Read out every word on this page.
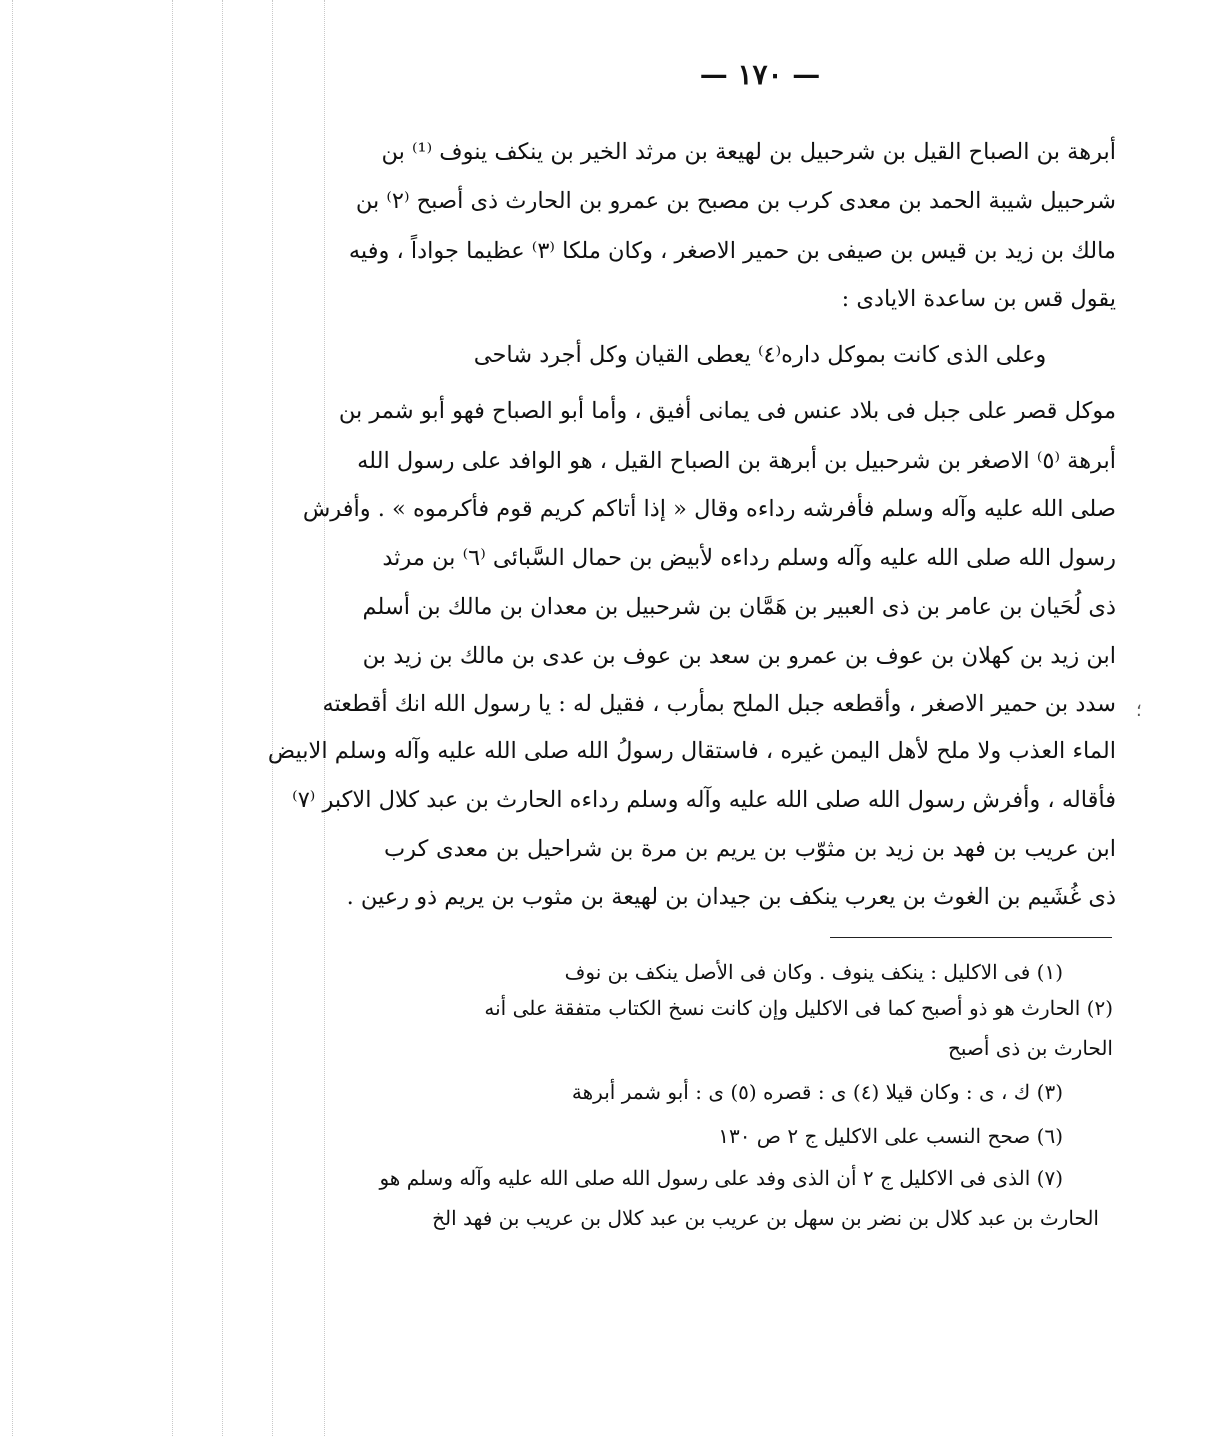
— ١٧٠ —
أبرهة بن الصباح القيل بن شرحبيل بن لهيعة بن مرثد الخير بن ينكف ينوف ⁽¹⁾ بن
شرحبيل شيبة الحمد بن معدى كرب بن مصبح بن عمرو بن الحارث ذى أصبح ⁽٢⁾ بن
مالك بن زيد بن قيس بن صيفى بن حمير الاصغر ، وكان ملكا ⁽٣⁾ عظيما جواداً ، وفيه
يقول قس بن ساعدة الايادى :
وعلى الذى كانت بموكل داره⁽٤⁾ يعطى القيان وكل أجرد شاحى
موكل قصر على جبل فى بلاد عنس فى يمانى أفيق ، وأما أبو الصباح فهو أبو شمر بن
أبرهة ⁽٥⁾ الاصغر بن شرحبيل بن أبرهة بن الصباح القيل ، هو الوافد على رسول الله
صلى الله عليه وآله وسلم فأفرشه رداءه وقال « إذا أتاكم كريم قوم فأكرموه » . وأفرش
رسول الله صلى الله عليه وآله وسلم رداءه لأبيض بن حمال السَّبائى ⁽٦⁾ بن مرثد
ذى لُحَيان بن عامر بن ذى العبير بن هَمَّان بن شرحبيل بن معدان بن مالك بن أسلم
ابن زيد بن كهلان بن عوف بن عمرو بن سعد بن عوف بن عدى بن مالك بن زيد بن
سدد بن حمير الاصغر ، وأقطعه جبل الملح بمأرب ، فقيل له : يا رسول الله انك أقطعته
الماء العذب ولا ملح لأهل اليمن غيره ، فاستقال رسولُ الله صلى الله عليه وآله وسلم الابيض
فأقاله ، وأفرش رسول الله صلى الله عليه وآله وسلم رداءه الحارث بن عبد كلال الاكبر ⁽٧⁾
ابن عريب بن فهد بن زيد بن مثوّب بن يريم بن مرة بن شراحيل بن معدى كرب
ذى غُشَيم بن الغوث بن يعرب ينكف بن جيدان بن لهيعة بن مثوب بن يريم ذو رعين .
؛
(١) فى الاكليل : ينكف ينوف . وكان فى الأصل ينكف بن نوف
(٢) الحارث هو ذو أصبح كما فى الاكليل وإن كانت نسخ الكتاب متفقة على أنه
الحارث بن ذى أصبح
(٣) ك ، ى : وكان قيلا (٤) ى : قصره (٥) ى : أبو شمر أبرهة
(٦) صحح النسب على الاكليل ج ٢ ص ١٣٠
(٧) الذى فى الاكليل ج ٢ أن الذى وفد على رسول الله صلى الله عليه وآله وسلم هو
الحارث بن عبد كلال بن نضر بن سهل بن عريب بن عبد كلال بن عريب بن فهد الخ
